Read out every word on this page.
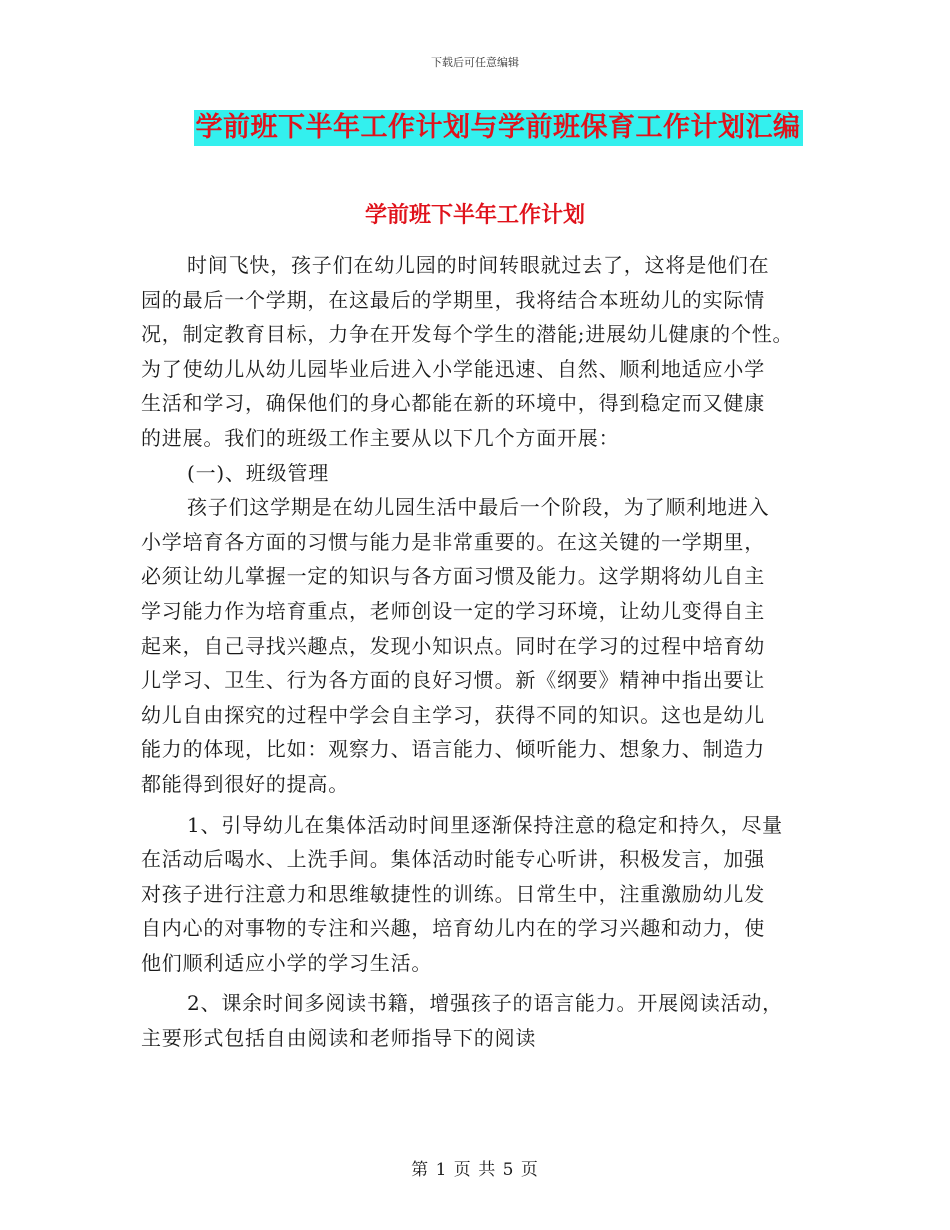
下载后可任意编辑
学前班下半年工作计划与学前班保育工作计划汇编
学前班下半年工作计划
时间飞快，孩子们在幼儿园的时间转眼就过去了，这将是他们在
园的最后一个学期，在这最后的学期里，我将结合本班幼儿的实际情
况，制定教育目标，力争在开发每个学生的潜能;进展幼儿健康的个性。
为了使幼儿从幼儿园毕业后进入小学能迅速、自然、顺利地适应小学
生活和学习，确保他们的身心都能在新的环境中，得到稳定而又健康
的进展。我们的班级工作主要从以下几个方面开展：
(一)、班级管理
孩子们这学期是在幼儿园生活中最后一个阶段，为了顺利地进入
小学培育各方面的习惯与能力是非常重要的。在这关键的一学期里，
必须让幼儿掌握一定的知识与各方面习惯及能力。这学期将幼儿自主
学习能力作为培育重点，老师创设一定的学习环境，让幼儿变得自主
起来，自己寻找兴趣点，发现小知识点。同时在学习的过程中培育幼
儿学习、卫生、行为各方面的良好习惯。新《纲要》精神中指出要让
幼儿自由探究的过程中学会自主学习，获得不同的知识。这也是幼儿
能力的体现，比如：观察力、语言能力、倾听能力、想象力、制造力
都能得到很好的提高。
1、引导幼儿在集体活动时间里逐渐保持注意的稳定和持久，尽量
在活动后喝水、上洗手间。集体活动时能专心听讲，积极发言，加强
对孩子进行注意力和思维敏捷性的训练。日常生中，注重激励幼儿发
自内心的对事物的专注和兴趣，培育幼儿内在的学习兴趣和动力，使
他们顺利适应小学的学习生活。
2、课余时间多阅读书籍，增强孩子的语言能力。开展阅读活动，
主要形式包括自由阅读和老师指导下的阅读
第 1 页 共 5 页
